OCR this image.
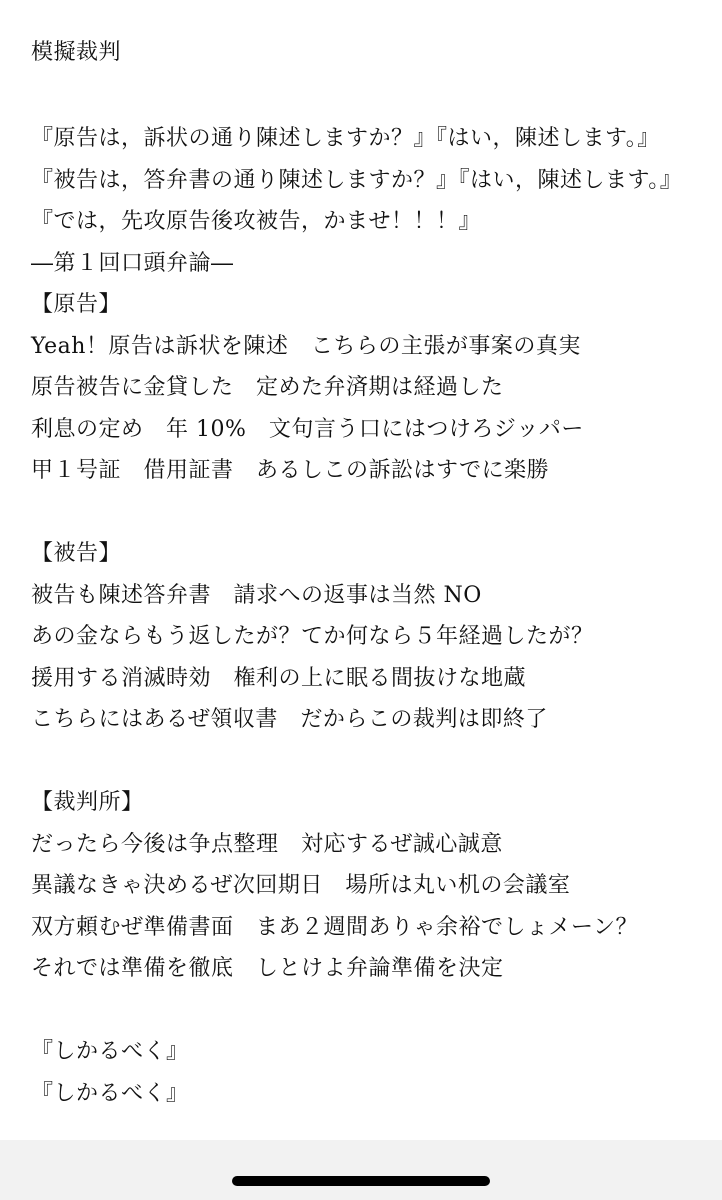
模擬裁判
『原告は，訴状の通り陳述しますか？』『はい，陳述します。』
『被告は，答弁書の通り陳述しますか？』『はい，陳述します。』
『では，先攻原告後攻被告，かませ！！！』
―第１回口頭弁論―
【原告】
Yeah！原告は訴状を陳述　こちらの主張が事案の真実
原告被告に金貸した　定めた弁済期は経過した
利息の定め　年 10%　文句言う口にはつけろジッパー
甲１号証　借用証書　あるしこの訴訟はすでに楽勝
【被告】
被告も陳述答弁書　請求への返事は当然 NO
あの金ならもう返したが？てか何なら５年経過したが？
援用する消滅時効　権利の上に眠る間抜けな地蔵
こちらにはあるぜ領収書　だからこの裁判は即終了
【裁判所】
だったら今後は争点整理　対応するぜ誠心誠意
異議なきゃ決めるぜ次回期日　場所は丸い机の会議室
双方頼むぜ準備書面　まあ２週間ありゃ余裕でしょメーン？
それでは準備を徹底　しとけよ弁論準備を決定
『しかるべく』
『しかるべく』
